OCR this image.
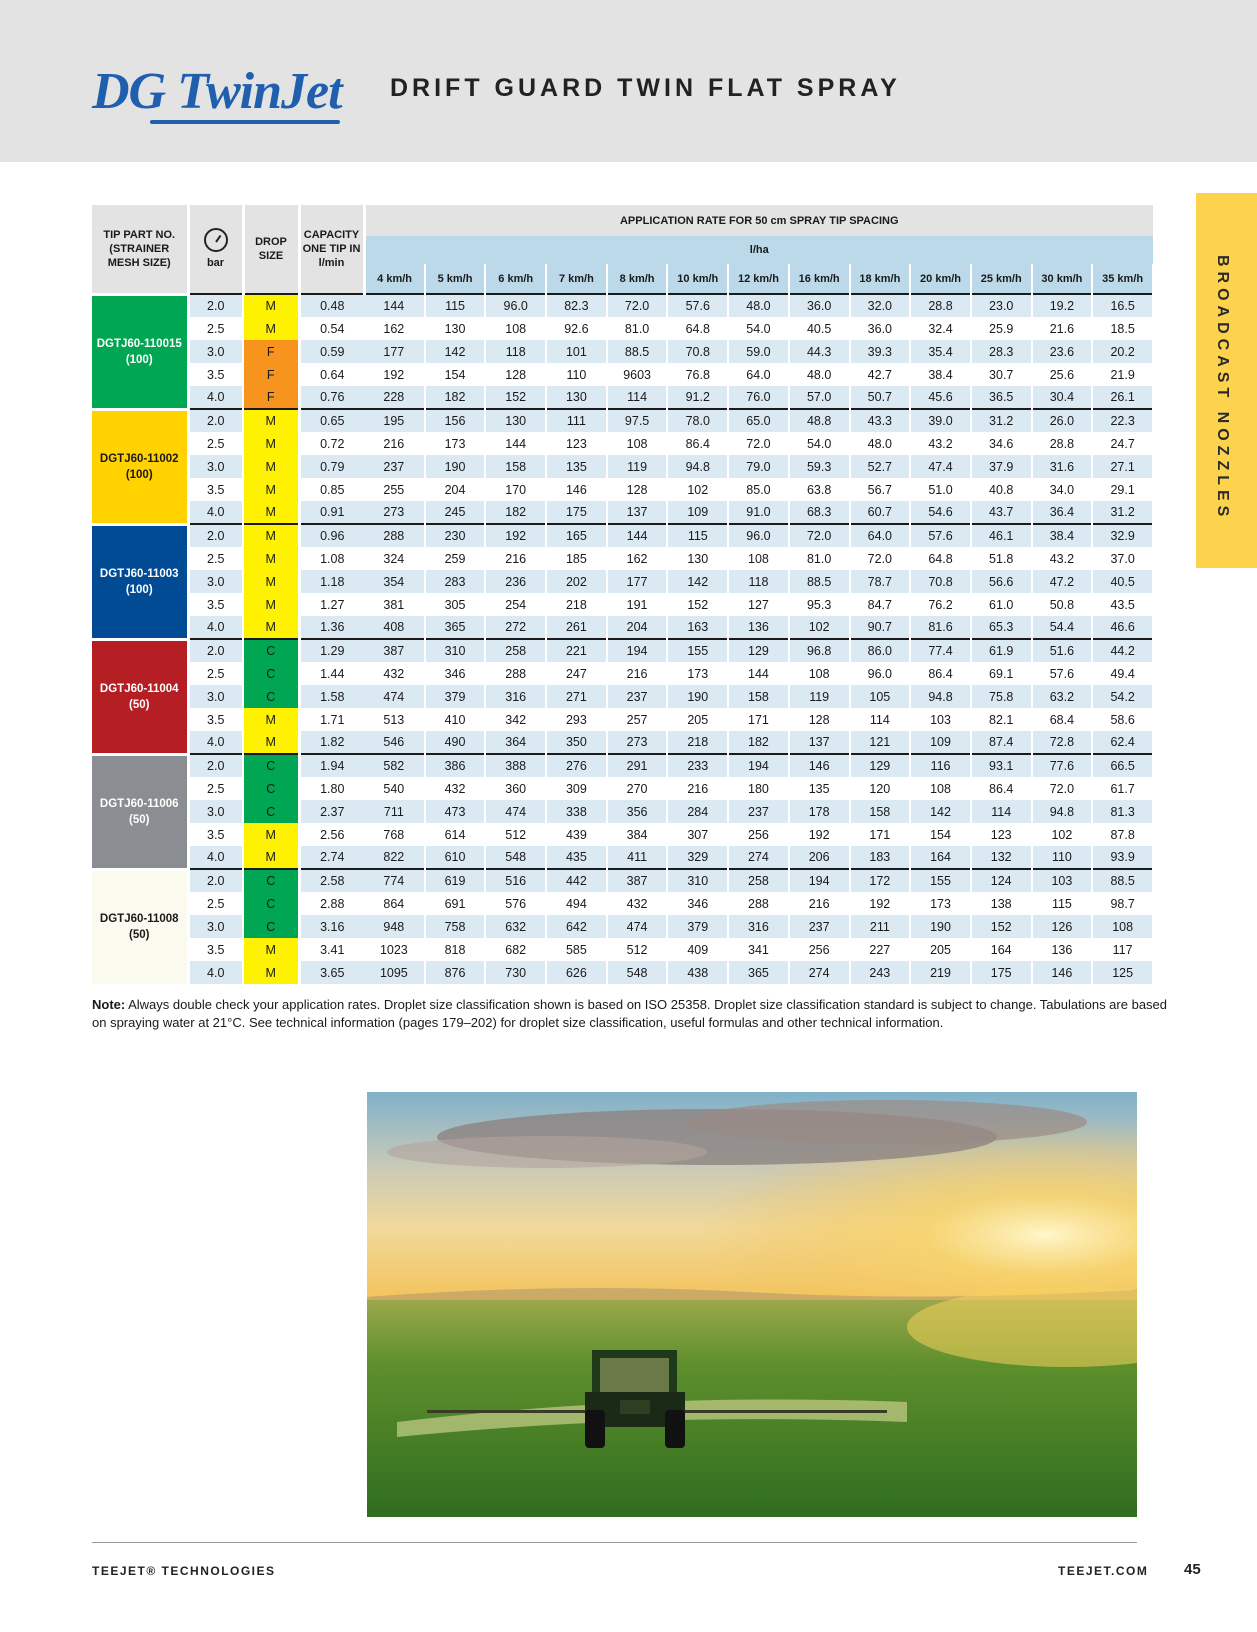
DG TwinJet DRIFT GUARD TWIN FLAT SPRAY
BROADCAST NOZZLES
TIP PART NO. (STRAINER MESH SIZE)	bar	DROP SIZE	CAPACITY ONE TIP IN l/min	APPLICATION RATE FOR 50 cm SPRAY TIP SPACING												
				l/ha												
				4 km/h	5 km/h	6 km/h	7 km/h	8 km/h	10 km/h	12 km/h	16 km/h	18 km/h	20 km/h	25 km/h	30 km/h	35 km/h

DGTJ60-110015
(100)	2.0	M	0.48	144	115	96.0	82.3	72.0	57.6	48.0	36.0	32.0	28.8	23.0	19.2	16.5
	2.5	M	0.54	162	130	108	92.6	81.0	64.8	54.0	40.5	36.0	32.4	25.9	21.6	18.5
	3.0	F	0.59	177	142	118	101	88.5	70.8	59.0	44.3	39.3	35.4	28.3	23.6	20.2
	3.5	F	0.64	192	154	128	110	9603	76.8	64.0	48.0	42.7	38.4	30.7	25.6	21.9
	4.0	F	0.76	228	182	152	130	114	91.2	76.0	57.0	50.7	45.6	36.5	30.4	26.1

DGTJ60-11002
(100)	2.0	M	0.65	195	156	130	111	97.5	78.0	65.0	48.8	43.3	39.0	31.2	26.0	22.3
	2.5	M	0.72	216	173	144	123	108	86.4	72.0	54.0	48.0	43.2	34.6	28.8	24.7
	3.0	M	0.79	237	190	158	135	119	94.8	79.0	59.3	52.7	47.4	37.9	31.6	27.1
	3.5	M	0.85	255	204	170	146	128	102	85.0	63.8	56.7	51.0	40.8	34.0	29.1
	4.0	M	0.91	273	245	182	175	137	109	91.0	68.3	60.7	54.6	43.7	36.4	31.2

DGTJ60-11003
(100)	2.0	M	0.96	288	230	192	165	144	115	96.0	72.0	64.0	57.6	46.1	38.4	32.9
	2.5	M	1.08	324	259	216	185	162	130	108	81.0	72.0	64.8	51.8	43.2	37.0
	3.0	M	1.18	354	283	236	202	177	142	118	88.5	78.7	70.8	56.6	47.2	40.5
	3.5	M	1.27	381	305	254	218	191	152	127	95.3	84.7	76.2	61.0	50.8	43.5
	4.0	M	1.36	408	365	272	261	204	163	136	102	90.7	81.6	65.3	54.4	46.6

DGTJ60-11004
(50)	2.0	C	1.29	387	310	258	221	194	155	129	96.8	86.0	77.4	61.9	51.6	44.2
	2.5	C	1.44	432	346	288	247	216	173	144	108	96.0	86.4	69.1	57.6	49.4
	3.0	C	1.58	474	379	316	271	237	190	158	119	105	94.8	75.8	63.2	54.2
	3.5	M	1.71	513	410	342	293	257	205	171	128	114	103	82.1	68.4	58.6
	4.0	M	1.82	546	490	364	350	273	218	182	137	121	109	87.4	72.8	62.4

DGTJ60-11006
(50)	2.0	C	1.94	582	386	388	276	291	233	194	146	129	116	93.1	77.6	66.5
	2.5	C	1.80	540	432	360	309	270	216	180	135	120	108	86.4	72.0	61.7
	3.0	C	2.37	711	473	474	338	356	284	237	178	158	142	114	94.8	81.3
	3.5	M	2.56	768	614	512	439	384	307	256	192	171	154	123	102	87.8
	4.0	M	2.74	822	610	548	435	411	329	274	206	183	164	132	110	93.9

DGTJ60-11008
(50)	2.0	C	2.58	774	619	516	442	387	310	258	194	172	155	124	103	88.5
	2.5	C	2.88	864	691	576	494	432	346	288	216	192	173	138	115	98.7
	3.0	C	3.16	948	758	632	642	474	379	316	237	211	190	152	126	108
	3.5	M	3.41	1023	818	682	585	512	409	341	256	227	205	164	136	117
	4.0	M	3.65	1095	876	730	626	548	438	365	274	243	219	175	146	125
Note: Always double check your application rates. Droplet size classification shown is based on ISO 25358. Droplet size classification standard is subject to change. Tabulations are based on spraying water at 21°C. See technical information (pages 179–202) for droplet size classification, useful formulas and other technical information.
TEEJET® TECHNOLOGIES	TEEJET.COM 45
